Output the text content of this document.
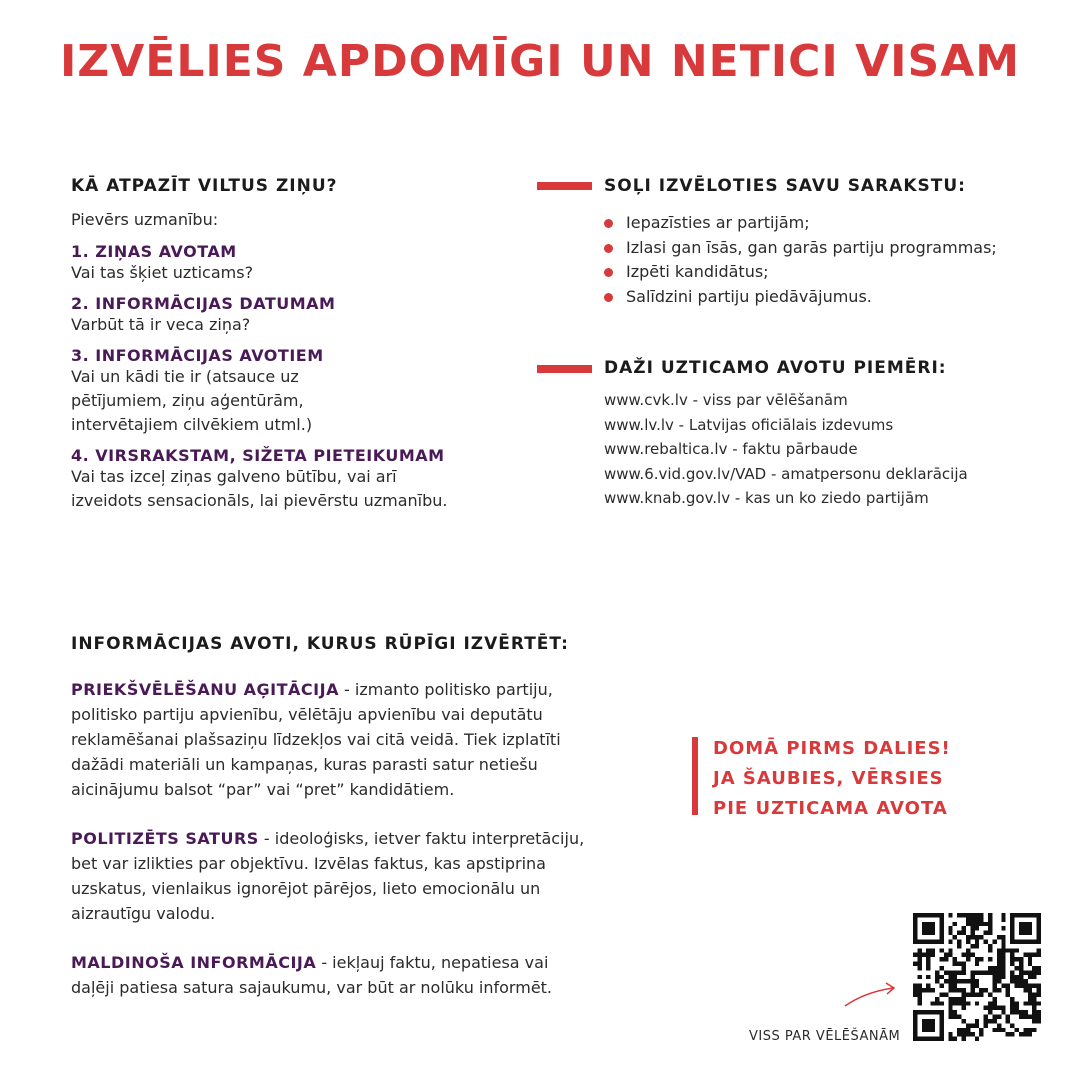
IZVĒLIES APDOMĪGI UN NETICI VISAM
KĀ ATPAZĪT VILTUS ZIŅU?
Pievērs uzmanību:
1. ZIŅAS AVOTAM
Vai tas šķiet uzticams?
2. INFORMĀCIJAS DATUMAM
Varbūt tā ir veca ziņa?
3. INFORMĀCIJAS AVOTIEM
Vai un kādi tie ir (atsauce uz
pētījumiem, ziņu aģentūrām,
intervētajiem cilvēkiem utml.)
4. VIRSRAKSTAM, SIŽETA PIETEIKUMAM
Vai tas izceļ ziņas galveno būtību, vai arī
izveidots sensacionāls, lai pievērstu uzmanību.
SOĻI IZVĒLOTIES SAVU SARAKSTU:
Iepazīsties ar partijām;
Izlasi gan īsās, gan garās partiju programmas;
Izpēti kandidātus;
Salīdzini partiju piedāvājumus.
DAŽI UZTICAMO AVOTU PIEMĒRI:
www.cvk.lv - viss par vēlēšanām
www.lv.lv - Latvijas oficiālais izdevums
www.rebaltica.lv - faktu pārbaude
www.6.vid.gov.lv/VAD - amatpersonu deklarācija
www.knab.gov.lv - kas un ko ziedo partijām
INFORMĀCIJAS AVOTI, KURUS RŪPĪGI IZVĒRTĒT:
PRIEKŠVĒLĒŠANU AĢITĀCIJA - izmanto politisko partiju,
politisko partiju apvienību, vēlētāju apvienību vai deputātu
reklamēšanai plašsaziņu līdzekļos vai citā veidā. Tiek izplatīti
dažādi materiāli un kampaņas, kuras parasti satur netiešu
aicinājumu balsot “par” vai “pret” kandidātiem.
POLITIZĒTS SATURS - ideoloģisks, ietver faktu interpretāciju,
bet var izlikties par objektīvu. Izvēlas faktus, kas apstiprina
uzskatus, vienlaikus ignorējot pārējos, lieto emocionālu un
aizrautīgu valodu.
MALDINOŠA INFORMĀCIJA - iekļauj faktu, nepatiesa vai
daļēji patiesa satura sajaukumu, var būt ar nolūku informēt.
DOMĀ PIRMS DALIES!
JA ŠAUBIES, VĒRSIES
PIE UZTICAMA AVOTA
VISS PAR VĒLĒŠANĀM
